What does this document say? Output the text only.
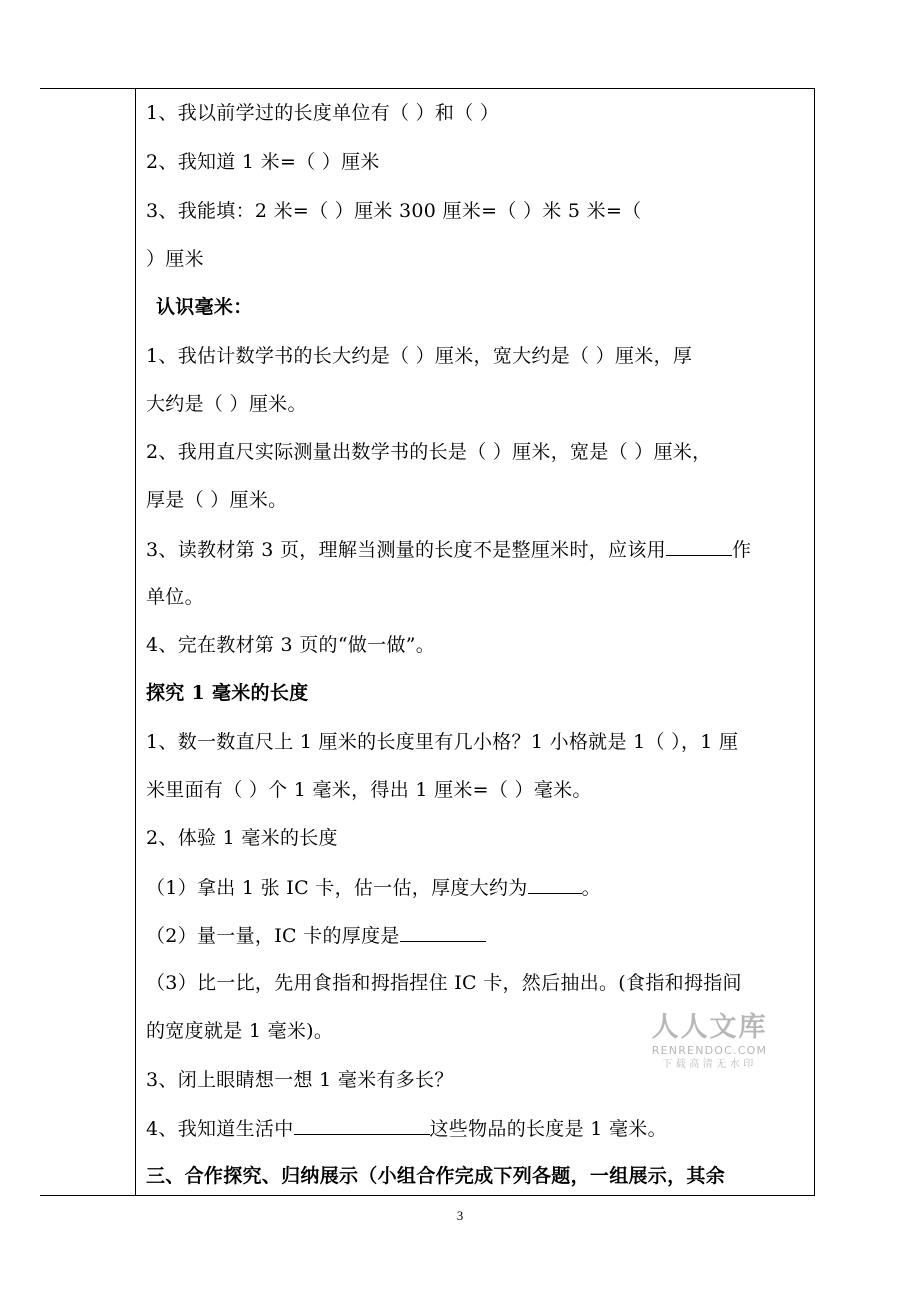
1、我以前学过的长度单位有（ ）和（ ）
2、我知道 1 米=（ ）厘米
3、我能填：2 米=（ ）厘米 300 厘米=（ ）米 5 米=（
）厘米
认识毫米：
1、我估计数学书的长大约是（ ）厘米，宽大约是（ ）厘米，厚
大约是（ ）厘米。
2、我用直尺实际测量出数学书的长是（ ）厘米，宽是（ ）厘米，
厚是（ ）厘米。
3、读教材第 3 页，理解当测量的长度不是整厘米时，应该用	作
单位。
4、完在教材第 3 页的“做一做”。
探究 1 毫米的长度
1、数一数直尺上 1 厘米的长度里有几小格？1 小格就是 1（ ），1 厘
米里面有（ ）个 1 毫米，得出 1 厘米=（ ）毫米。
2、体验 1 毫米的长度
（1）拿出 1 张 IC 卡，估一估，厚度大约为	。
（2）量一量，IC 卡的厚度是
（3）比一比，先用食指和拇指捏住 IC 卡，然后抽出。(食指和拇指间
的宽度就是 1 毫米)。
3、闭上眼睛想一想 1 毫米有多长？
4、我知道生活中	这些物品的长度是 1 毫米。
三、合作探究、归纳展示（小组合作完成下列各题，一组展示，其余
人人文库
RENRENDOC.COM
下载高清无水印
3
